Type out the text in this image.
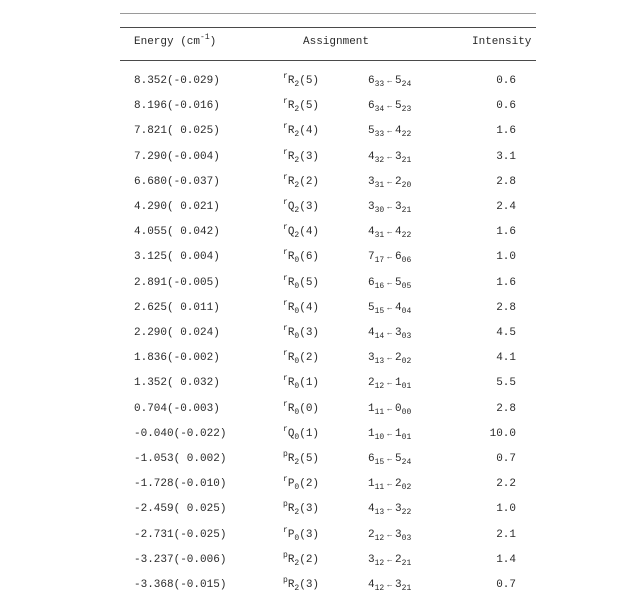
Energy $(cm^{-1})$	Assignment	Intensity
8.352(-0.029)	$^rR_2(5)$	$6_{33}$ ← $5_{24}$	0.6
8.196(-0.016)	$^rR_2(5)$	$6_{34}$ ← $5_{23}$	0.6
7.821( 0.025)	$^rR_2(4)$	$5_{33}$ ← $4_{22}$	1.6
7.290(-0.004)	$^rR_2(3)$	$4_{32}$ ← $3_{21}$	3.1
6.680(-0.037)	$^rR_2(2)$	$3_{31}$ ← $2_{20}$	2.8
4.290( 0.021)	$^rQ_2(3)$	$3_{30}$ ← $3_{21}$	2.4
4.055( 0.042)	$^rQ_2(4)$	$4_{31}$ ← $4_{22}$	1.6
3.125( 0.004)	$^rR_0(6)$	$7_{17}$ ← $6_{06}$	1.0
2.891(-0.005)	$^rR_0(5)$	$6_{16}$ ← $5_{05}$	1.6
2.625( 0.011)	$^rR_0(4)$	$5_{15}$ ← $4_{04}$	2.8
2.290( 0.024)	$^rR_0(3)$	$4_{14}$ ← $3_{03}$	4.5
1.836(-0.002)	$^rR_0(2)$	$3_{13}$ ← $2_{02}$	4.1
1.352( 0.032)	$^rR_0(1)$	$2_{12}$ ← $1_{01}$	5.5
0.704(-0.003)	$^rR_0(0)$	$1_{11}$ ← $0_{00}$	2.8
-0.040(-0.022)	$^rQ_0(1)$	$1_{10}$ ← $1_{01}$	10.0
-1.053( 0.002)	$^pR_2(5)$	$6_{15}$ ← $5_{24}$	0.7
-1.728(-0.010)	$^rP_0(2)$	$1_{11}$ ← $2_{02}$	2.2
-2.459( 0.025)	$^pR_2(3)$	$4_{13}$ ← $3_{22}$	1.0
-2.731(-0.025)	$^rP_0(3)$	$2_{12}$ ← $3_{03}$	2.1
-3.237(-0.006)	$^pR_2(2)$	$3_{12}$ ← $2_{21}$	1.4
-3.368(-0.015)	$^pR_2(3)$	$4_{12}$ ← $3_{21}$	0.7
